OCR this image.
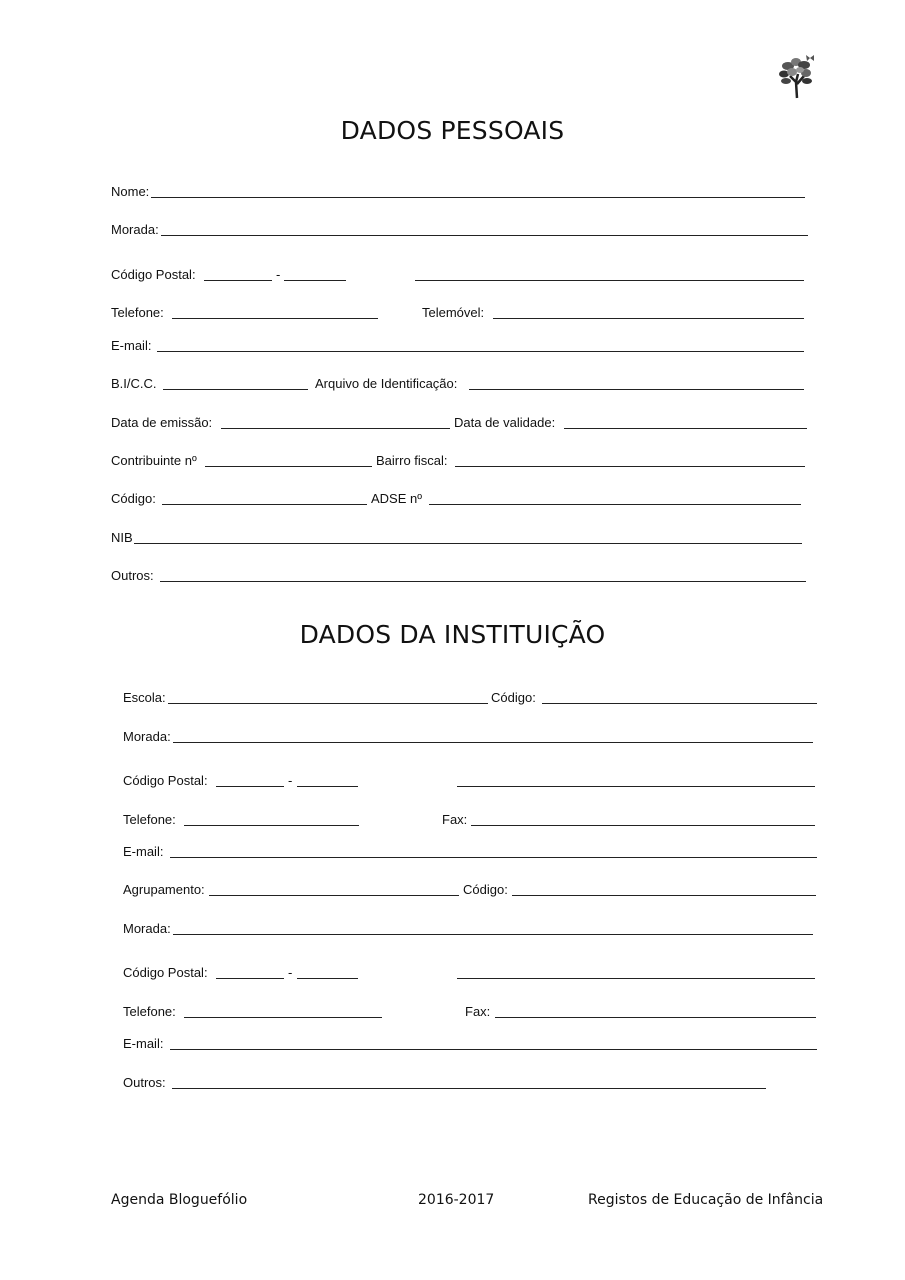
DADOS PESSOAIS
Nome:
Morada:
Código Postal:	-
Telefone:	Telemóvel:
E-mail:
B.I/C.C.	Arquivo de Identificação:
Data de emissão:	Data de validade:
Contribuinte nº	Bairro fiscal:
Código:	ADSE nº
NIB
Outros:
DADOS DA INSTITUIÇÃO
Escola:	Código:
Morada:
Código Postal:	-
Telefone:	Fax:
E-mail:
Agrupamento:	Código:
Morada:
Código Postal:	-
Telefone:	Fax:
E-mail:
Outros:
Agenda Bloguefólio	2016-2017	Registos de Educação de Infância
